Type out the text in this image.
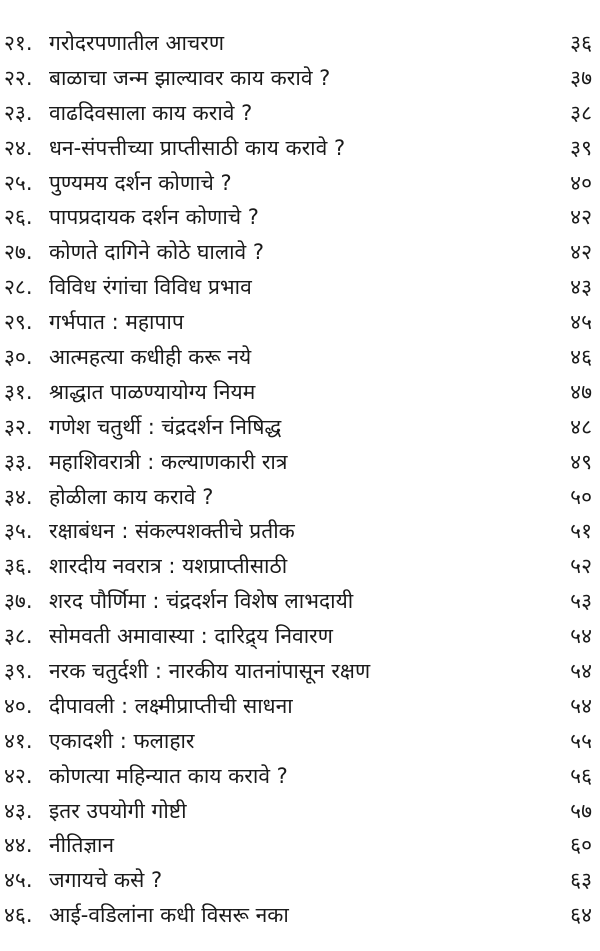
२१. गरोदरपणातील आचरण	३६
२२. बाळाचा जन्म झाल्यावर काय करावे ?	३७
२३. वाढदिवसाला काय करावे ?	३८
२४. धन-संपत्तीच्या प्राप्तीसाठी काय करावे ?	३९
२५. पुण्यमय दर्शन कोणाचे ?	४०
२६. पापप्रदायक दर्शन कोणाचे ?	४२
२७. कोणते दागिने कोठे घालावे ?	४२
२८. विविध रंगांचा विविध प्रभाव	४३
२९. गर्भपात : महापाप	४५
३०. आत्महत्या कधीही करू नये	४६
३१. श्राद्धात पाळण्यायोग्य नियम	४७
३२. गणेश चतुर्थी : चंद्रदर्शन निषिद्ध	४८
३३. महाशिवरात्री : कल्याणकारी रात्र	४९
३४. होळीला काय करावे ?	५०
३५. रक्षाबंधन : संकल्पशक्तीचे प्रतीक	५१
३६. शारदीय नवरात्र : यशप्राप्तीसाठी	५२
३७. शरद पौर्णिमा : चंद्रदर्शन विशेष लाभदायी	५३
३८. सोमवती अमावास्या : दारिद्र्य निवारण	५४
३९. नरक चतुर्दशी : नारकीय यातनांपासून रक्षण	५४
४०. दीपावली : लक्ष्मीप्राप्तीची साधना	५४
४१. एकादशी : फलाहार	५५
४२. कोणत्या महिन्यात काय करावे ?	५६
४३. इतर उपयोगी गोष्टी	५७
४४. नीतिज्ञान	६०
४५. जगायचे कसे ?	६३
४६. आई-वडिलांना कधी विसरू नका	६४
